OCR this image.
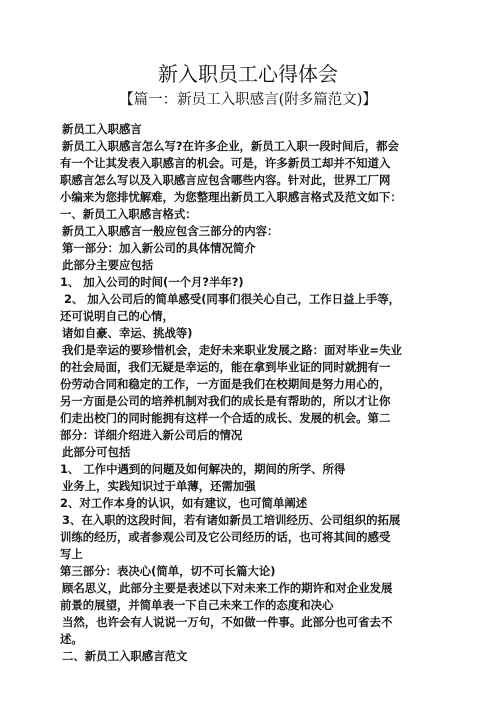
新入职员工心得体会
【篇一：新员工入职感言(附多篇范文)】
新员工入职感言
新员工入职感言怎么写?在许多企业，新员工入职一段时间后，都会
有一个让其发表入职感言的机会。可是，许多新员工却并不知道入
职感言怎么写以及入职感言应包含哪些内容。针对此，世界工厂网
小编来为您排忧解难，为您整理出新员工入职感言格式及范文如下：
一、新员工入职感言格式：
新员工入职感言一般应包含三部分的内容：
第一部分：加入新公司的具体情况简介
此部分主要应包括
1、 加入公司的时间(一个月?半年?)
2、 加入公司后的简单感受(同事们很关心自己，工作日益上手等，
还可说明自己的心情，
诸如自豪、幸运、挑战等)
我们是幸运的要珍惜机会，走好未来职业发展之路：面对毕业=失业
的社会局面，我们无疑是幸运的，能在拿到毕业证的同时就拥有一
份劳动合同和稳定的工作，一方面是我们在校期间是努力用心的，
另一方面是公司的培养机制对我们的成长是有帮助的，所以才让你
们走出校门的同时能拥有这样一个合适的成长、发展的机会。第二
部分：详细介绍进入新公司后的情况
此部分可包括
1、 工作中遇到的问题及如何解决的，期间的所学、所得
业务上，实践知识过于单薄，还需加强
2、对工作本身的认识，如有建议，也可简单阐述
3、在入职的这段时间，若有诸如新员工培训经历、公司组织的拓展
训练的经历，或者参观公司及它公司经历的话，也可将其间的感受
写上
第三部分：表决心(简单，切不可长篇大论)
顾名思义，此部分主要是表述以下对未来工作的期许和对企业发展
前景的展望，并简单表一下自己未来工作的态度和决心
当然，也许会有人说说一万句，不如做一件事。此部分也可省去不
述。
二、新员工入职感言范文
